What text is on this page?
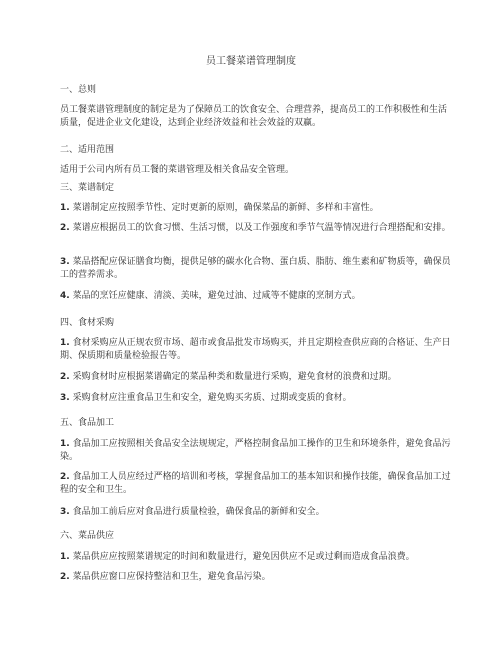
员工餐菜谱管理制度
一、总则
员工餐菜谱管理制度的制定是为了保障员工的饮食安全、合理营养，提高员工的工作积极性和生活质量，促进企业文化建设，达到企业经济效益和社会效益的双赢。
二、适用范围
适用于公司内所有员工餐的菜谱管理及相关食品安全管理。
三、菜谱制定
1. 菜谱制定应按照季节性、定时更新的原则，确保菜品的新鲜、多样和丰富性。
2. 菜谱应根据员工的饮食习惯、生活习惯，以及工作强度和季节气温等情况进行合理搭配和安排。
3. 菜品搭配应保证膳食均衡，提供足够的碳水化合物、蛋白质、脂肪、维生素和矿物质等，确保员工的营养需求。
4. 菜品的烹饪应健康、清淡、美味，避免过油、过咸等不健康的烹制方式。
四、食材采购
1. 食材采购应从正规农贸市场、超市或食品批发市场购买，并且定期检查供应商的合格证、生产日期、保质期和质量检验报告等。
2. 采购食材时应根据菜谱确定的菜品种类和数量进行采购，避免食材的浪费和过期。
3. 采购食材应注重食品卫生和安全，避免购买劣质、过期或变质的食材。
五、食品加工
1. 食品加工应按照相关食品安全法规规定，严格控制食品加工操作的卫生和环境条件，避免食品污染。
2. 食品加工人员应经过严格的培训和考核，掌握食品加工的基本知识和操作技能，确保食品加工过程的安全和卫生。
3. 食品加工前后应对食品进行质量检验，确保食品的新鲜和安全。
六、菜品供应
1. 菜品供应应按照菜谱规定的时间和数量进行，避免因供应不足或过剩而造成食品浪费。
2. 菜品供应窗口应保持整洁和卫生，避免食品污染。
